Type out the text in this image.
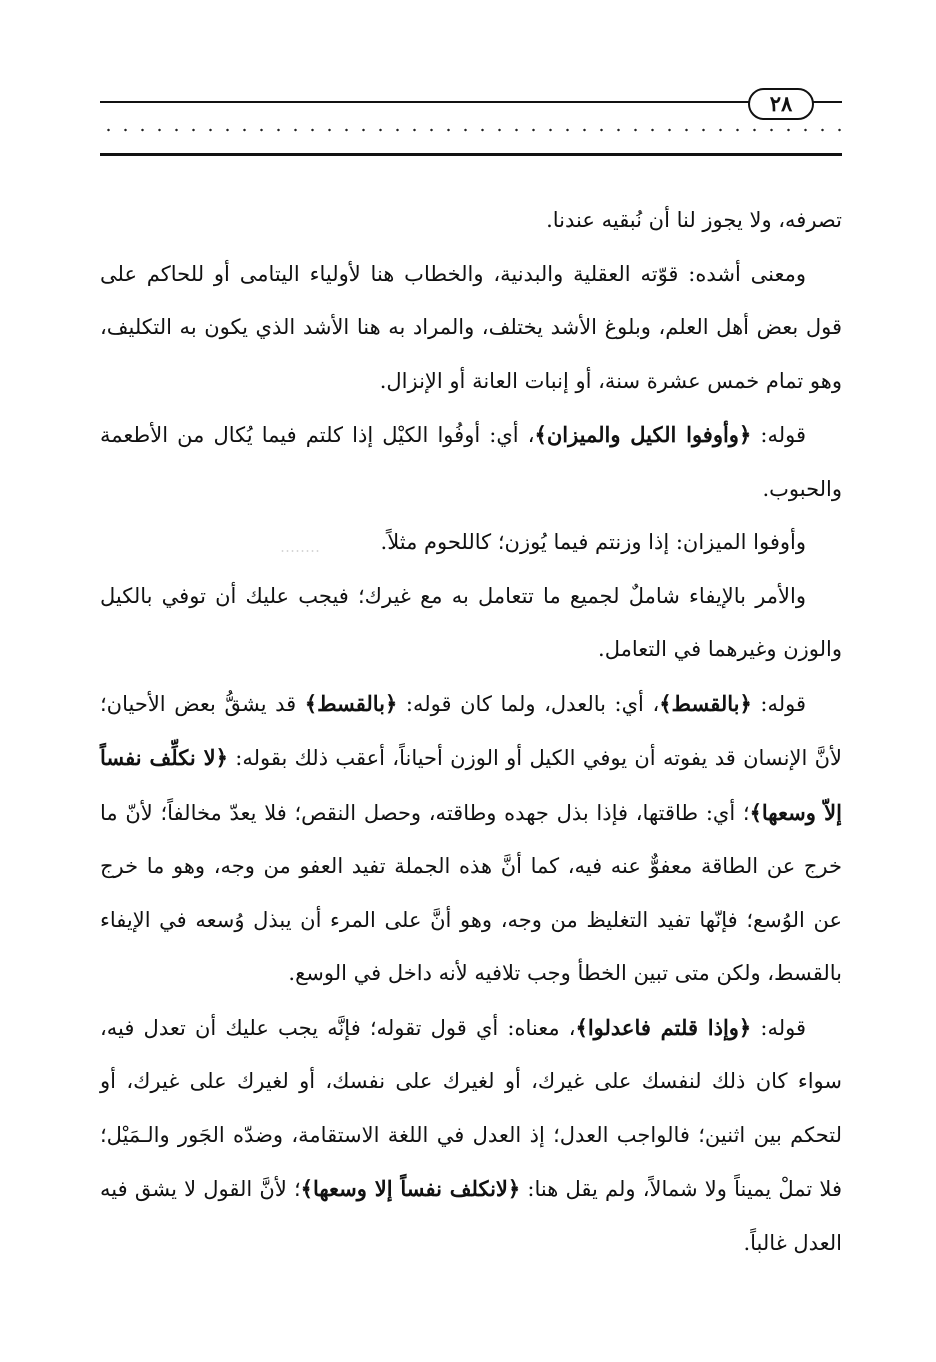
٢٨

تصرفه، ولا يجوز لنا أن نُبقيه عندنا.

ومعنى أشده: قوّته العقلية والبدنية، والخطاب هنا لأولياء اليتامى أو للحاكم على قول بعض أهل العلم، وبلوغ الأشد يختلف، والمراد به هنا الأشد الذي يكون به التكليف، وهو تمام خمس عشرة سنة، أو إنبات العانة أو الإنزال.

قوله: ﴿وأوفوا الكيل والميزان﴾، أي: أوفُوا الكيْل إذا كلتم فيما يُكال من الأطعمة والحبوب.

وأوفوا الميزان: إذا وزنتم فيما يُوزن؛ كاللحوم مثلاً.

والأمر بالإيفاء شاملٌ لجميع ما تتعامل به مع غيرك؛ فيجب عليك أن توفي بالكيل والوزن وغيرهما في التعامل.

قوله: ﴿بالقسط﴾، أي: بالعدل، ولما كان قوله: ﴿بالقسط﴾ قد يشقُّ بعض الأحيان؛ لأنَّ الإنسان قد يفوته أن يوفي الكيل أو الوزن أحياناً، أعقب ذلك بقوله: ﴿لا نكلِّف نفساً إلاّ وسعها﴾؛ أي: طاقتها، فإذا بذل جهده وطاقته، وحصل النقص؛ فلا يعدّ مخالفاً؛ لأنّ ما خرج عن الطاقة معفوٌّ عنه فيه، كما أنَّ هذه الجملة تفيد العفو من وجه، وهو ما خرج عن الوُسع؛ فإنّها تفيد التغليظ من وجه، وهو أنَّ على المرء أن يبذل وُسعه في الإيفاء بالقسط، ولكن متى تبين الخطأ وجب تلافيه لأنه داخل في الوسع.

قوله: ﴿وإذا قلتم فاعدلوا﴾، معناه: أي قول تقوله؛ فإنَّه يجب عليك أن تعدل فيه، سواء كان ذلك لنفسك على غيرك، أو لغيرك على نفسك، أو لغيرك على غيرك، أو لتحكم بين اثنين؛ فالواجب العدل؛ إذ العدل في اللغة الاستقامة، وضدّه الجَور والـمَيْل؛ فلا تملْ يميناً ولا شمالاً، ولم يقل هنا: ﴿لانكلف نفساً إلا وسعها﴾؛ لأنَّ القول لا يشق فيه العدل غالباً.
